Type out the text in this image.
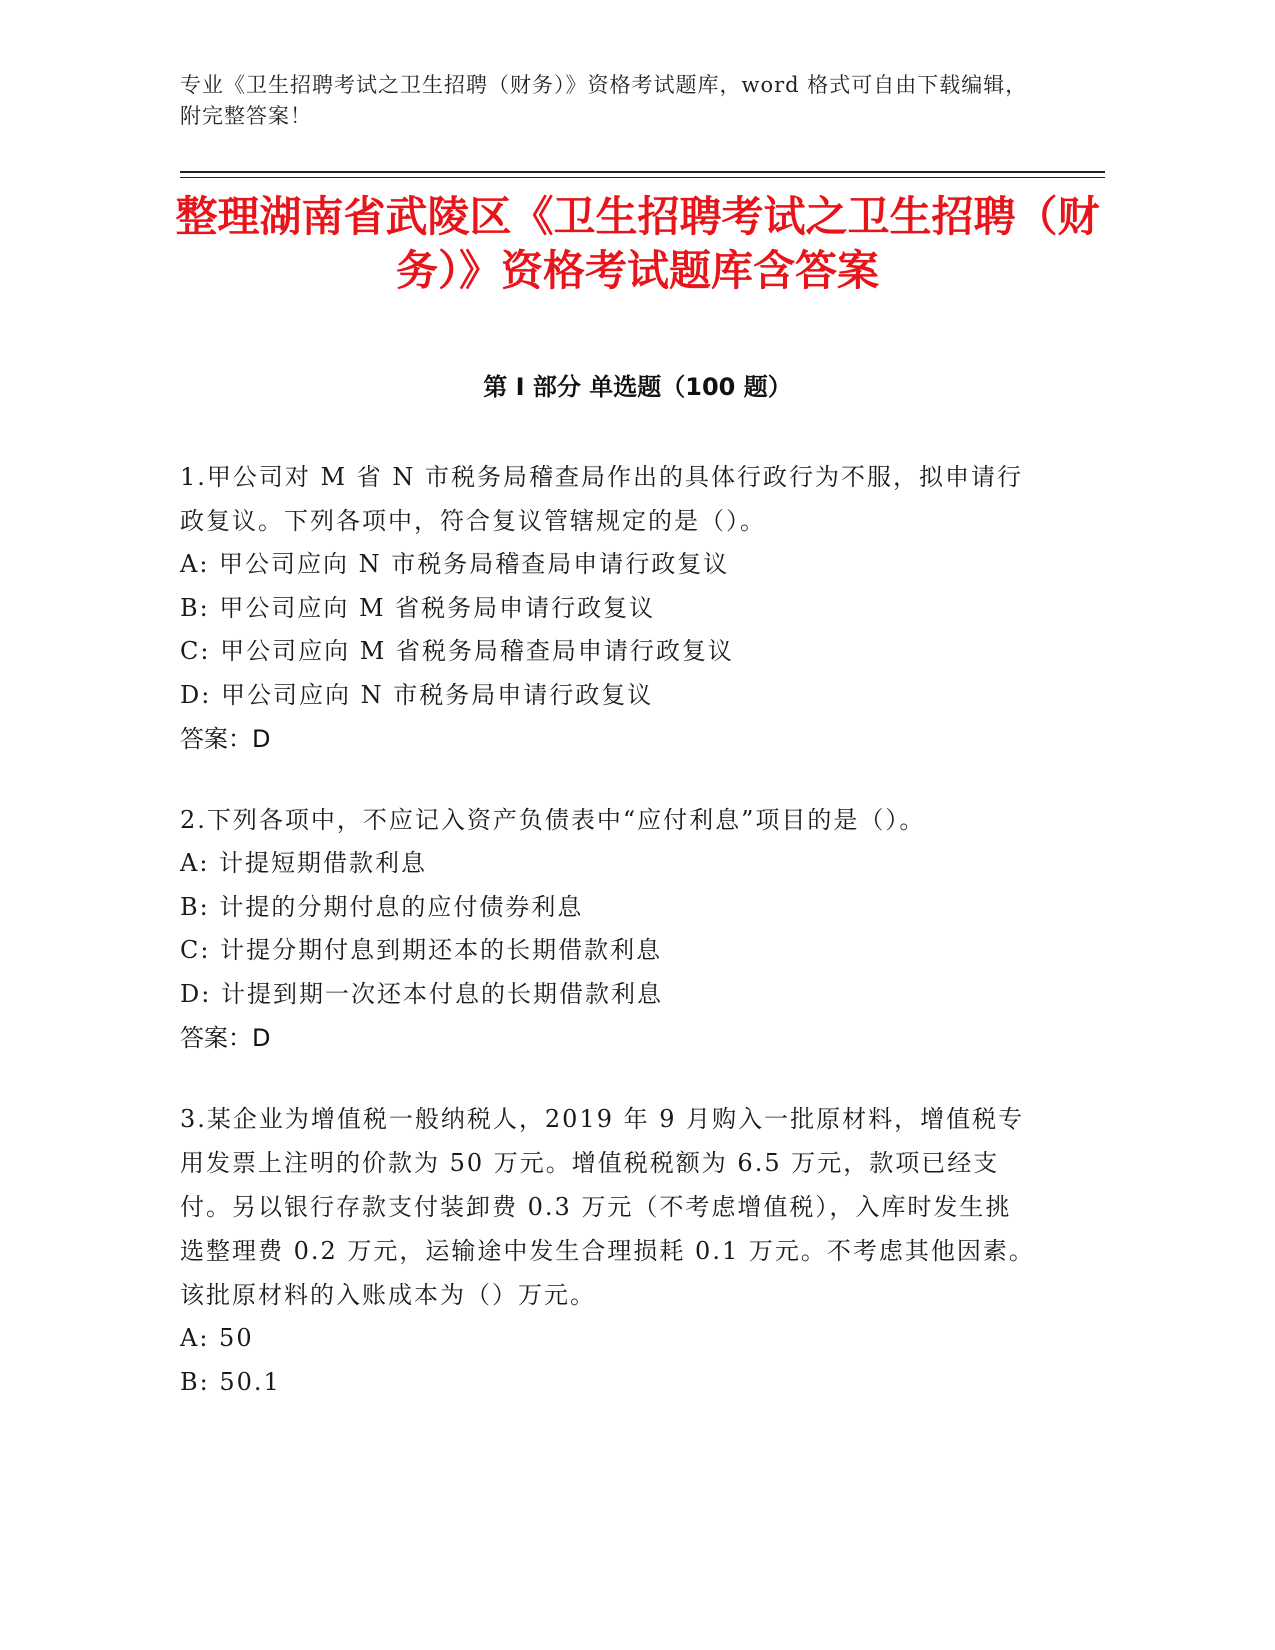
专业《卫生招聘考试之卫生招聘（财务）》资格考试题库，word 格式可自由下载编辑，附完整答案！
整理湖南省武陵区《卫生招聘考试之卫生招聘（财务）》资格考试题库含答案
第 I 部分 单选题（100 题）

1.甲公司对 M 省 N 市税务局稽查局作出的具体行政行为不服，拟申请行政复议。下列各项中，符合复议管辖规定的是（）。

A: 甲公司应向 N 市税务局稽查局申请行政复议

B: 甲公司应向 M 省税务局申请行政复议

C: 甲公司应向 M 省税务局稽查局申请行政复议

D: 甲公司应向 N 市税务局申请行政复议

答案：D

2.下列各项中，不应记入资产负债表中“应付利息”项目的是（）。

A: 计提短期借款利息

B: 计提的分期付息的应付债券利息

C: 计提分期付息到期还本的长期借款利息

D: 计提到期一次还本付息的长期借款利息

答案：D

3.某企业为增值税一般纳税人，2019 年 9 月购入一批原材料，增值税专用发票上注明的价款为 50 万元。增值税税额为 6.5 万元，款项已经支付。另以银行存款支付装卸费 0.3 万元（不考虑增值税），入库时发生挑选整理费 0.2 万元，运输途中发生合理损耗 0.1 万元。不考虑其他因素。该批原材料的入账成本为（）万元。

A: 50

B: 50.1
